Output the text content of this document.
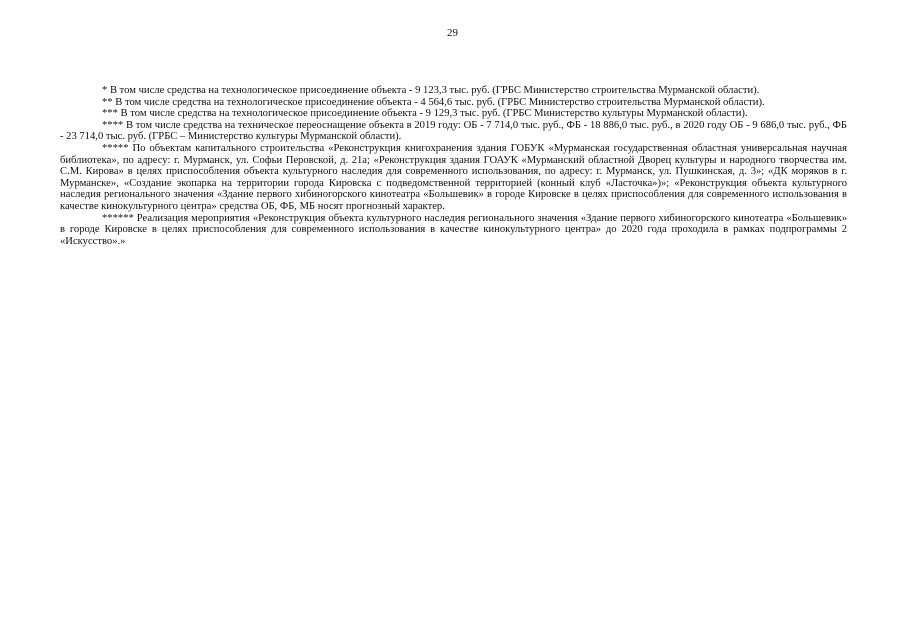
29

* В том числе средства на технологическое присоединение объекта - 9 123,3 тыс. руб. (ГРБС Министерство строительства Мурманской области).

** В том числе средства на технологическое присоединение объекта - 4 564,6 тыс. руб. (ГРБС Министерство строительства Мурманской области).

*** В том числе средства на технологическое присоединение объекта - 9 129,3 тыс. руб. (ГРБС Министерство культуры Мурманской области).

**** В том числе средства на техническое переоснащение объекта в 2019 году: ОБ - 7 714,0 тыс. руб., ФБ - 18 886,0 тыс. руб., в 2020 году ОБ - 9 686,0 тыс. руб., ФБ - 23 714,0 тыс. руб. (ГРБС – Министерство культуры Мурманской области).

***** По объектам капитального строительства «Реконструкция книгохранения здания ГОБУК «Мурманская государственная областная универсальная научная библиотека», по адресу: г. Мурманск, ул. Софьи Перовской, д. 21а; «Реконструкция здания ГОАУК «Мурманский областной Дворец культуры и народного творчества им. С.М. Кирова» в целях приспособления объекта культурного наследия для современного использования, по адресу: г. Мурманск, ул. Пушкинская, д. 3»; «ДК моряков в г. Мурманске», «Создание экопарка на территории города Кировска с подведомственной территорией (конный клуб «Ласточка»)»; «Реконструкция объекта культурного наследия регионального значения «Здание первого хибиногорского кинотеатра «Большевик» в городе Кировске в целях приспособления для современного использования в качестве кинокультурного центра» средства ОБ, ФБ, МБ носят прогнозный характер.

****** Реализация мероприятия «Реконструкция объекта культурного наследия регионального значения «Здание первого хибиногорского кинотеатра «Большевик» в городе Кировске в целях приспособления для современного использования в качестве кинокультурного центра» до 2020 года проходила в рамках подпрограммы 2 «Искусство».»
